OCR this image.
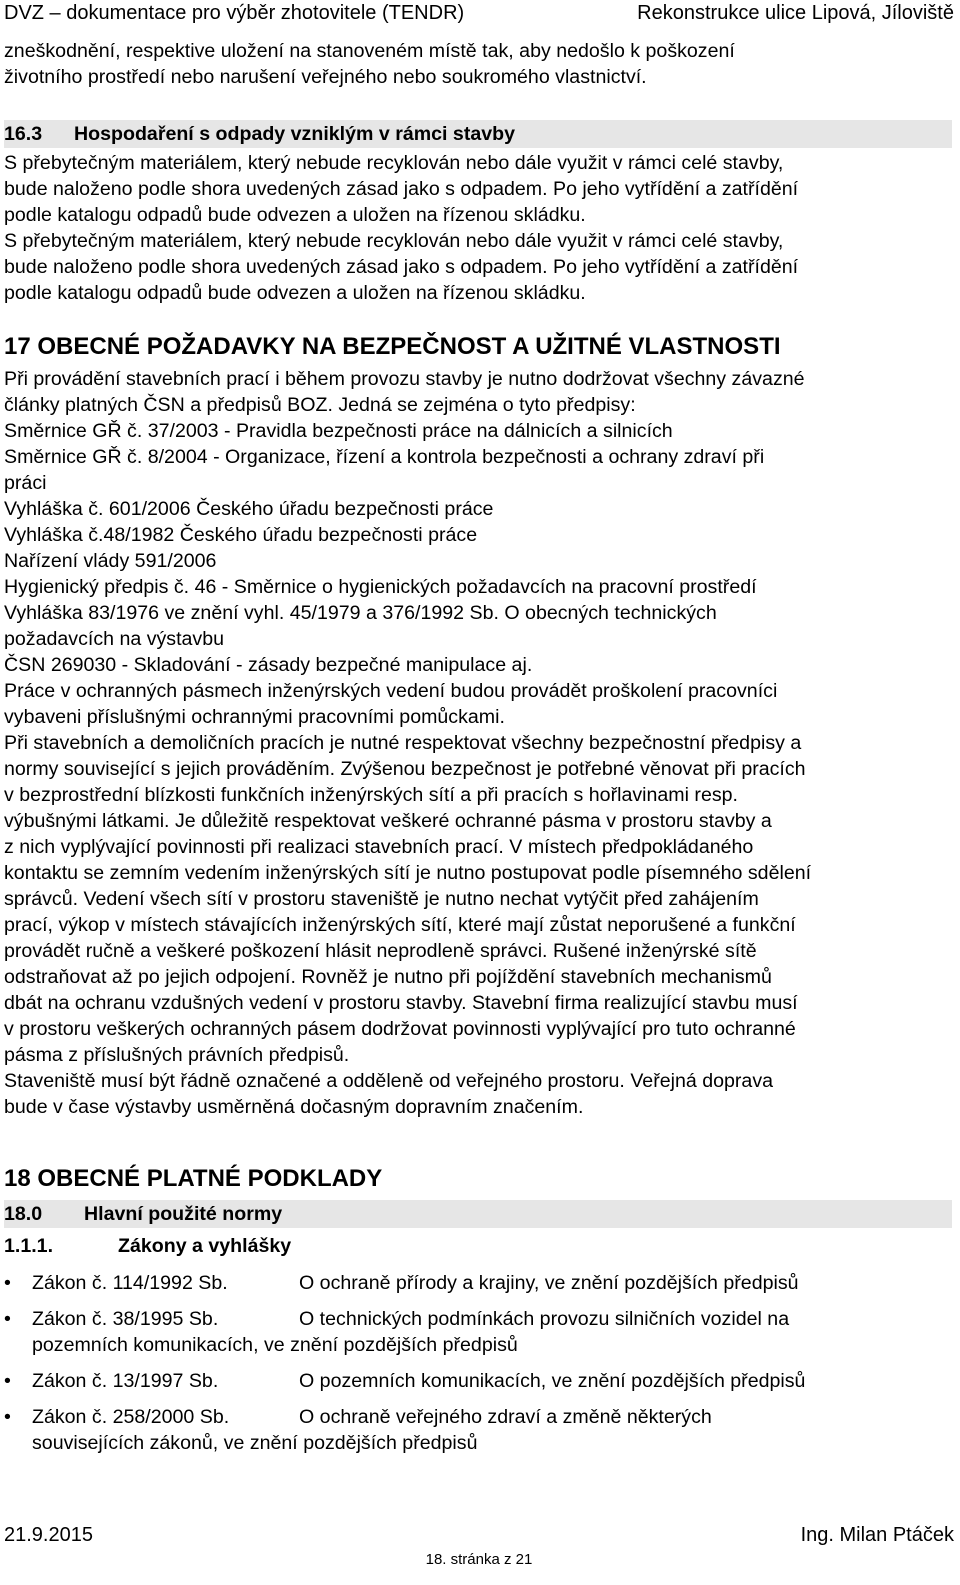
DVZ – dokumentace pro výběr zhotovitele (TENDR)	Rekonstrukce ulice Lipová, Jíloviště

zneškodnění, respektive uložení na stanoveném místě tak, aby nedošlo k poškození

životního prostředí nebo narušení veřejného nebo soukromého vlastnictví.

16.3	Hospodaření s odpady vzniklým v rámci stavby

S přebytečným materiálem, který nebude recyklován nebo dále využit v rámci celé stavby,

bude naloženo podle shora uvedených zásad jako s odpadem. Po jeho vytřídění a zatřídění

podle katalogu odpadů bude odvezen a uložen na řízenou skládku.

S přebytečným materiálem, který nebude recyklován nebo dále využit v rámci celé stavby,

bude naloženo podle shora uvedených zásad jako s odpadem. Po jeho vytřídění a zatřídění

podle katalogu odpadů bude odvezen a uložen na řízenou skládku.

17 OBECNÉ POŽADAVKY NA BEZPEČNOST A UŽITNÉ VLASTNOSTI

Při provádění stavebních prací i během provozu stavby je nutno dodržovat všechny závazné

články platných ČSN a předpisů BOZ. Jedná se zejména o tyto předpisy:

Směrnice GŘ č. 37/2003 - Pravidla bezpečnosti práce na dálnicích a silnicích

Směrnice GŘ č. 8/2004 - Organizace, řízení a kontrola bezpečnosti a ochrany zdraví při

práci

Vyhláška č. 601/2006 Českého úřadu bezpečnosti práce

Vyhláška č.48/1982 Českého úřadu bezpečnosti práce

Nařízení vlády 591/2006

Hygienický předpis č. 46 - Směrnice o hygienických požadavcích na pracovní prostředí

Vyhláška 83/1976 ve znění vyhl. 45/1979 a 376/1992 Sb. O obecných technických

požadavcích na výstavbu

ČSN 269030 - Skladování - zásady bezpečné manipulace aj.

Práce v ochranných pásmech inženýrských vedení budou provádět proškolení pracovníci

vybaveni příslušnými ochrannými pracovními pomůckami.

Při stavebních a demoličních pracích je nutné respektovat všechny bezpečnostní předpisy a

normy související s jejich prováděním. Zvýšenou bezpečnost je potřebné věnovat při pracích

v bezprostřední blízkosti funkčních inženýrských sítí a při pracích s hořlavinami resp.

výbušnými látkami. Je důležitě respektovat veškeré ochranné pásma v prostoru stavby a

z nich vyplývající povinnosti při realizaci stavebních prací. V místech předpokládaného

kontaktu se zemním vedením inženýrských sítí je nutno postupovat podle písemného sdělení

správců. Vedení všech sítí v prostoru staveniště je nutno nechat vytýčit před zahájením

prací, výkop v místech stávajících inženýrských sítí, které mají zůstat neporušené a funkční

provádět ručně a veškeré poškození hlásit neprodleně správci. Rušené inženýrské sítě

odstraňovat až po jejich odpojení. Rovněž je nutno při pojíždění stavebních mechanismů

dbát na ochranu vzdušných vedení v prostoru stavby. Stavební firma realizující stavbu musí

v prostoru veškerých ochranných pásem dodržovat povinnosti vyplývající pro tuto ochranné

pásma z příslušných právních předpisů.

Staveniště musí být řádně označené a odděleně od veřejného prostoru. Veřejná doprava

bude v čase výstavby usměrněná dočasným dopravním značením.

18 OBECNÉ PLATNÉ PODKLADY
18.0	Hlavní použité normy
1.1.1.	Zákony a vyhlášky
• Zákon č. 114/1992 Sb.	O ochraně přírody a krajiny, ve znění pozdějších předpisů
• Zákon č. 38/1995 Sb.	O technických podmínkách provozu silničních vozidel na
pozemních komunikacích, ve znění pozdějších předpisů
• Zákon č. 13/1997 Sb.	O pozemních komunikacích, ve znění pozdějších předpisů
• Zákon č. 258/2000 Sb.	O ochraně veřejného zdraví a změně některých
souvisejících zákonů, ve znění pozdějších předpisů
21.9.2015	Ing. Milan Ptáček
18. stránka z 21
